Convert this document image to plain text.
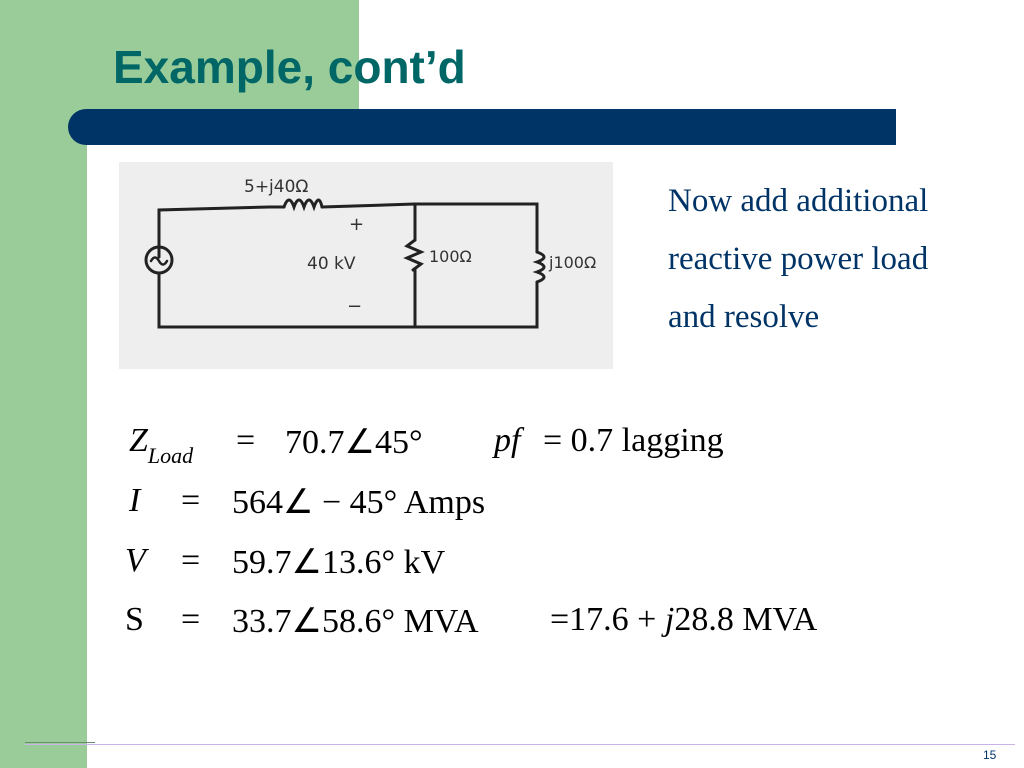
Example, cont’d
5+j40Ω
+
40 kV
−
100Ω	j100Ω
Now add additional
reactive power load
and resolve
$Z_{Load}$ = 70.7∠45° pf = 0.7 lagging
I = 564∠ − 45° Amps
V = 59.7∠13.6° kV
S = 33.7∠58.6° MVA =17.6 + j28.8 MVA
15
